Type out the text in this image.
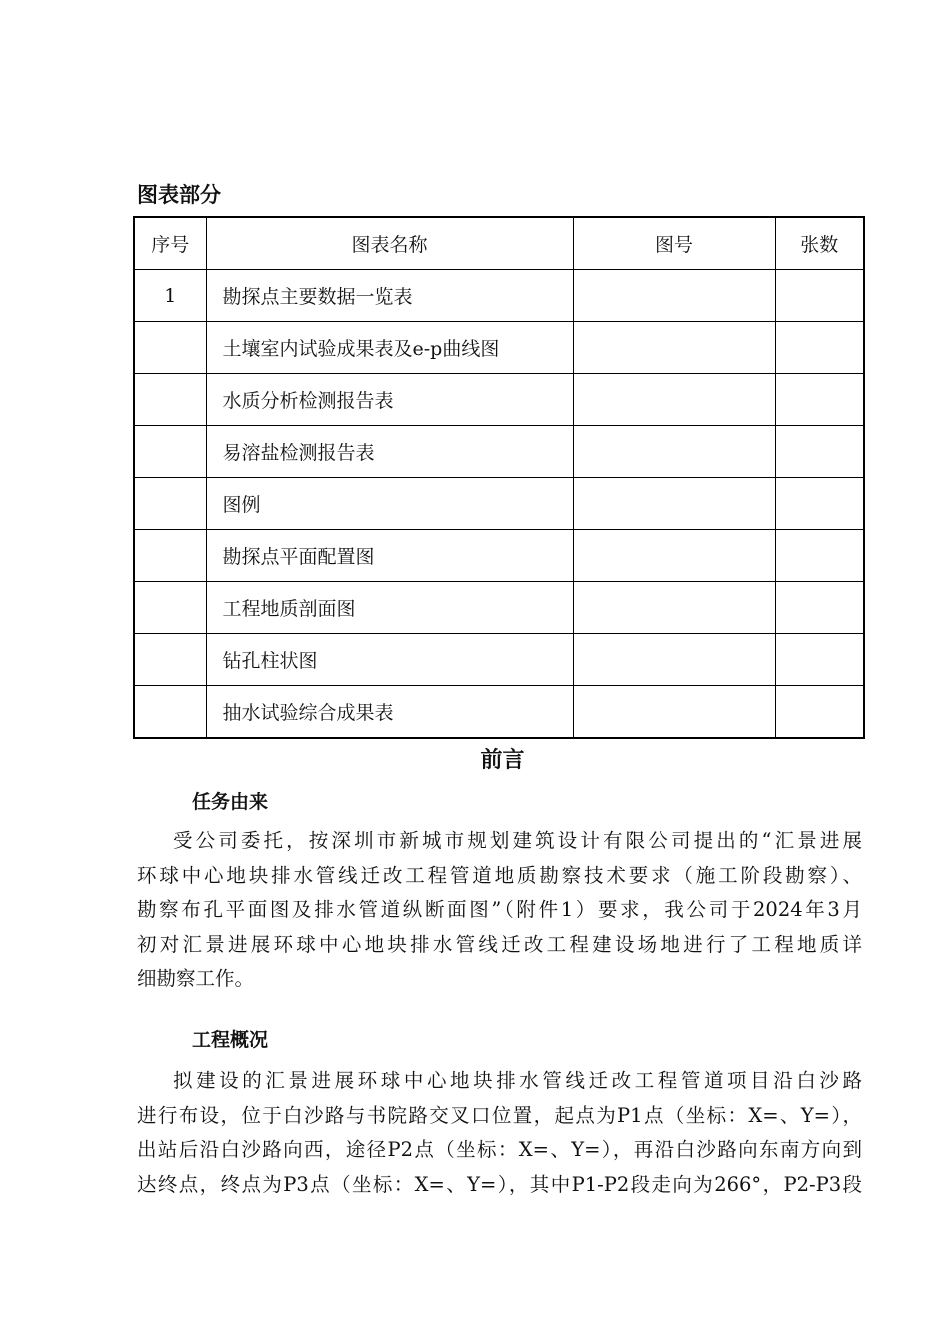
图表部分
序号	图表名称	图号	张数
1	勘探点主要数据一览表		
	土壤室内试验成果表及e-p曲线图		
	水质分析检测报告表		
	易溶盐检测报告表		
	图例		
	勘探点平面配置图		
	工程地质剖面图		
	钻孔柱状图		
	抽水试验综合成果表		
前言
任务由来
受公司委托，按深圳市新城市规划建筑设计有限公司提出的“汇景进展
环球中心地块排水管线迁改工程管道地质勘察技术要求（施工阶段勘察）、
勘察布孔平面图及排水管道纵断面图”（附件1）要求，我公司于2024年3月
初对汇景进展环球中心地块排水管线迁改工程建设场地进行了工程地质详
细勘察工作。
工程概况
拟建设的汇景进展环球中心地块排水管线迁改工程管道项目沿白沙路
进行布设，位于白沙路与书院路交叉口位置，起点为P1点（坐标：X=、Y=），
出站后沿白沙路向西，途径P2点（坐标：X=、Y=），再沿白沙路向东南方向到
达终点，终点为P3点（坐标：X=、Y=），其中P1-P2段走向为266°，P2-P3段
